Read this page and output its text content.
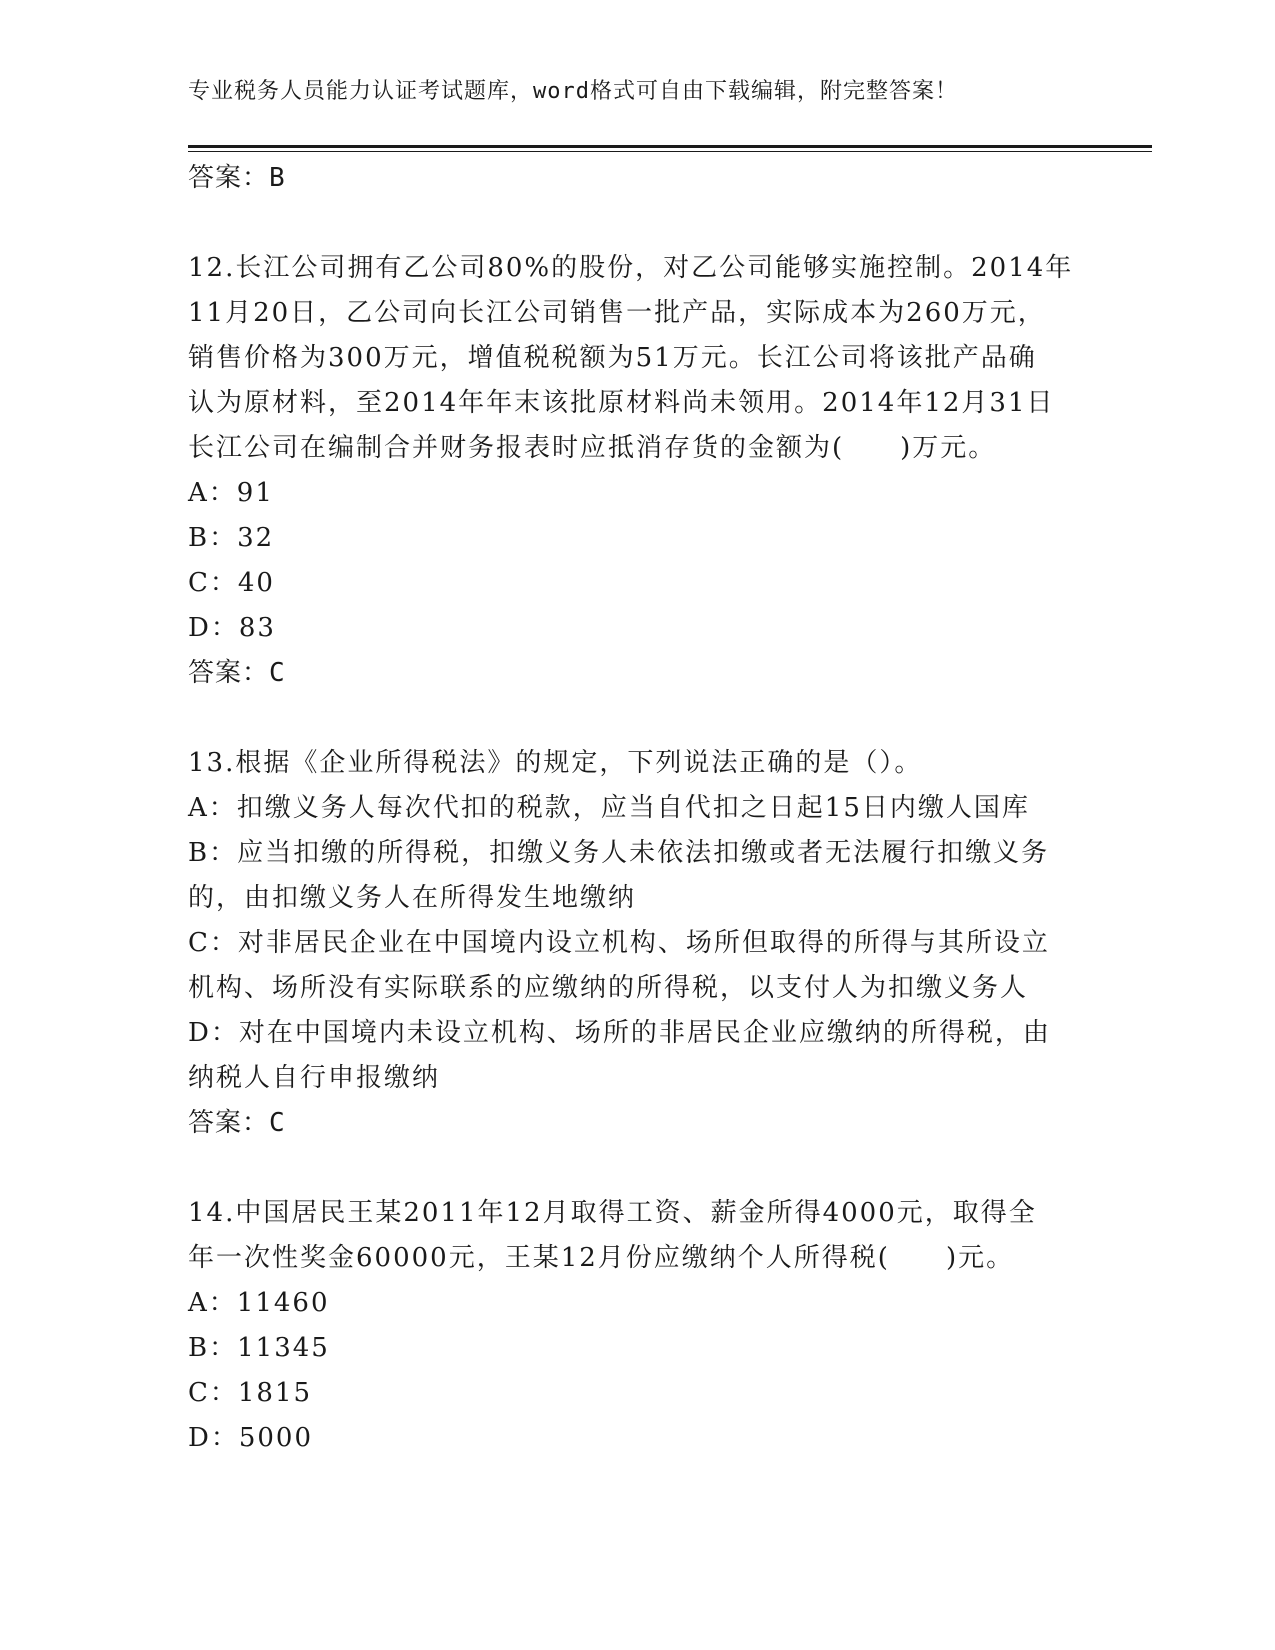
专业税务人员能力认证考试题库，word格式可自由下载编辑，附完整答案！
答案：B
12.长江公司拥有乙公司80%的股份，对乙公司能够实施控制。2014年
11月20日，乙公司向长江公司销售一批产品，实际成本为260万元，
销售价格为300万元，增值税税额为51万元。长江公司将该批产品确
认为原材料，至2014年年末该批原材料尚未领用。2014年12月31日
长江公司在编制合并财务报表时应抵消存货的金额为(　　)万元。
A：91
B：32
C：40
D：83
答案：C
13.根据《企业所得税法》的规定，下列说法正确的是（）。
A：扣缴义务人每次代扣的税款，应当自代扣之日起15日内缴人国库
B：应当扣缴的所得税，扣缴义务人未依法扣缴或者无法履行扣缴义务
的，由扣缴义务人在所得发生地缴纳
C：对非居民企业在中国境内设立机构、场所但取得的所得与其所设立
机构、场所没有实际联系的应缴纳的所得税，以支付人为扣缴义务人
D：对在中国境内未设立机构、场所的非居民企业应缴纳的所得税，由
纳税人自行申报缴纳
答案：C
14.中国居民王某2011年12月取得工资、薪金所得4000元，取得全
年一次性奖金60000元，王某12月份应缴纳个人所得税(　　)元。
A：11460
B：11345
C：1815
D：5000
